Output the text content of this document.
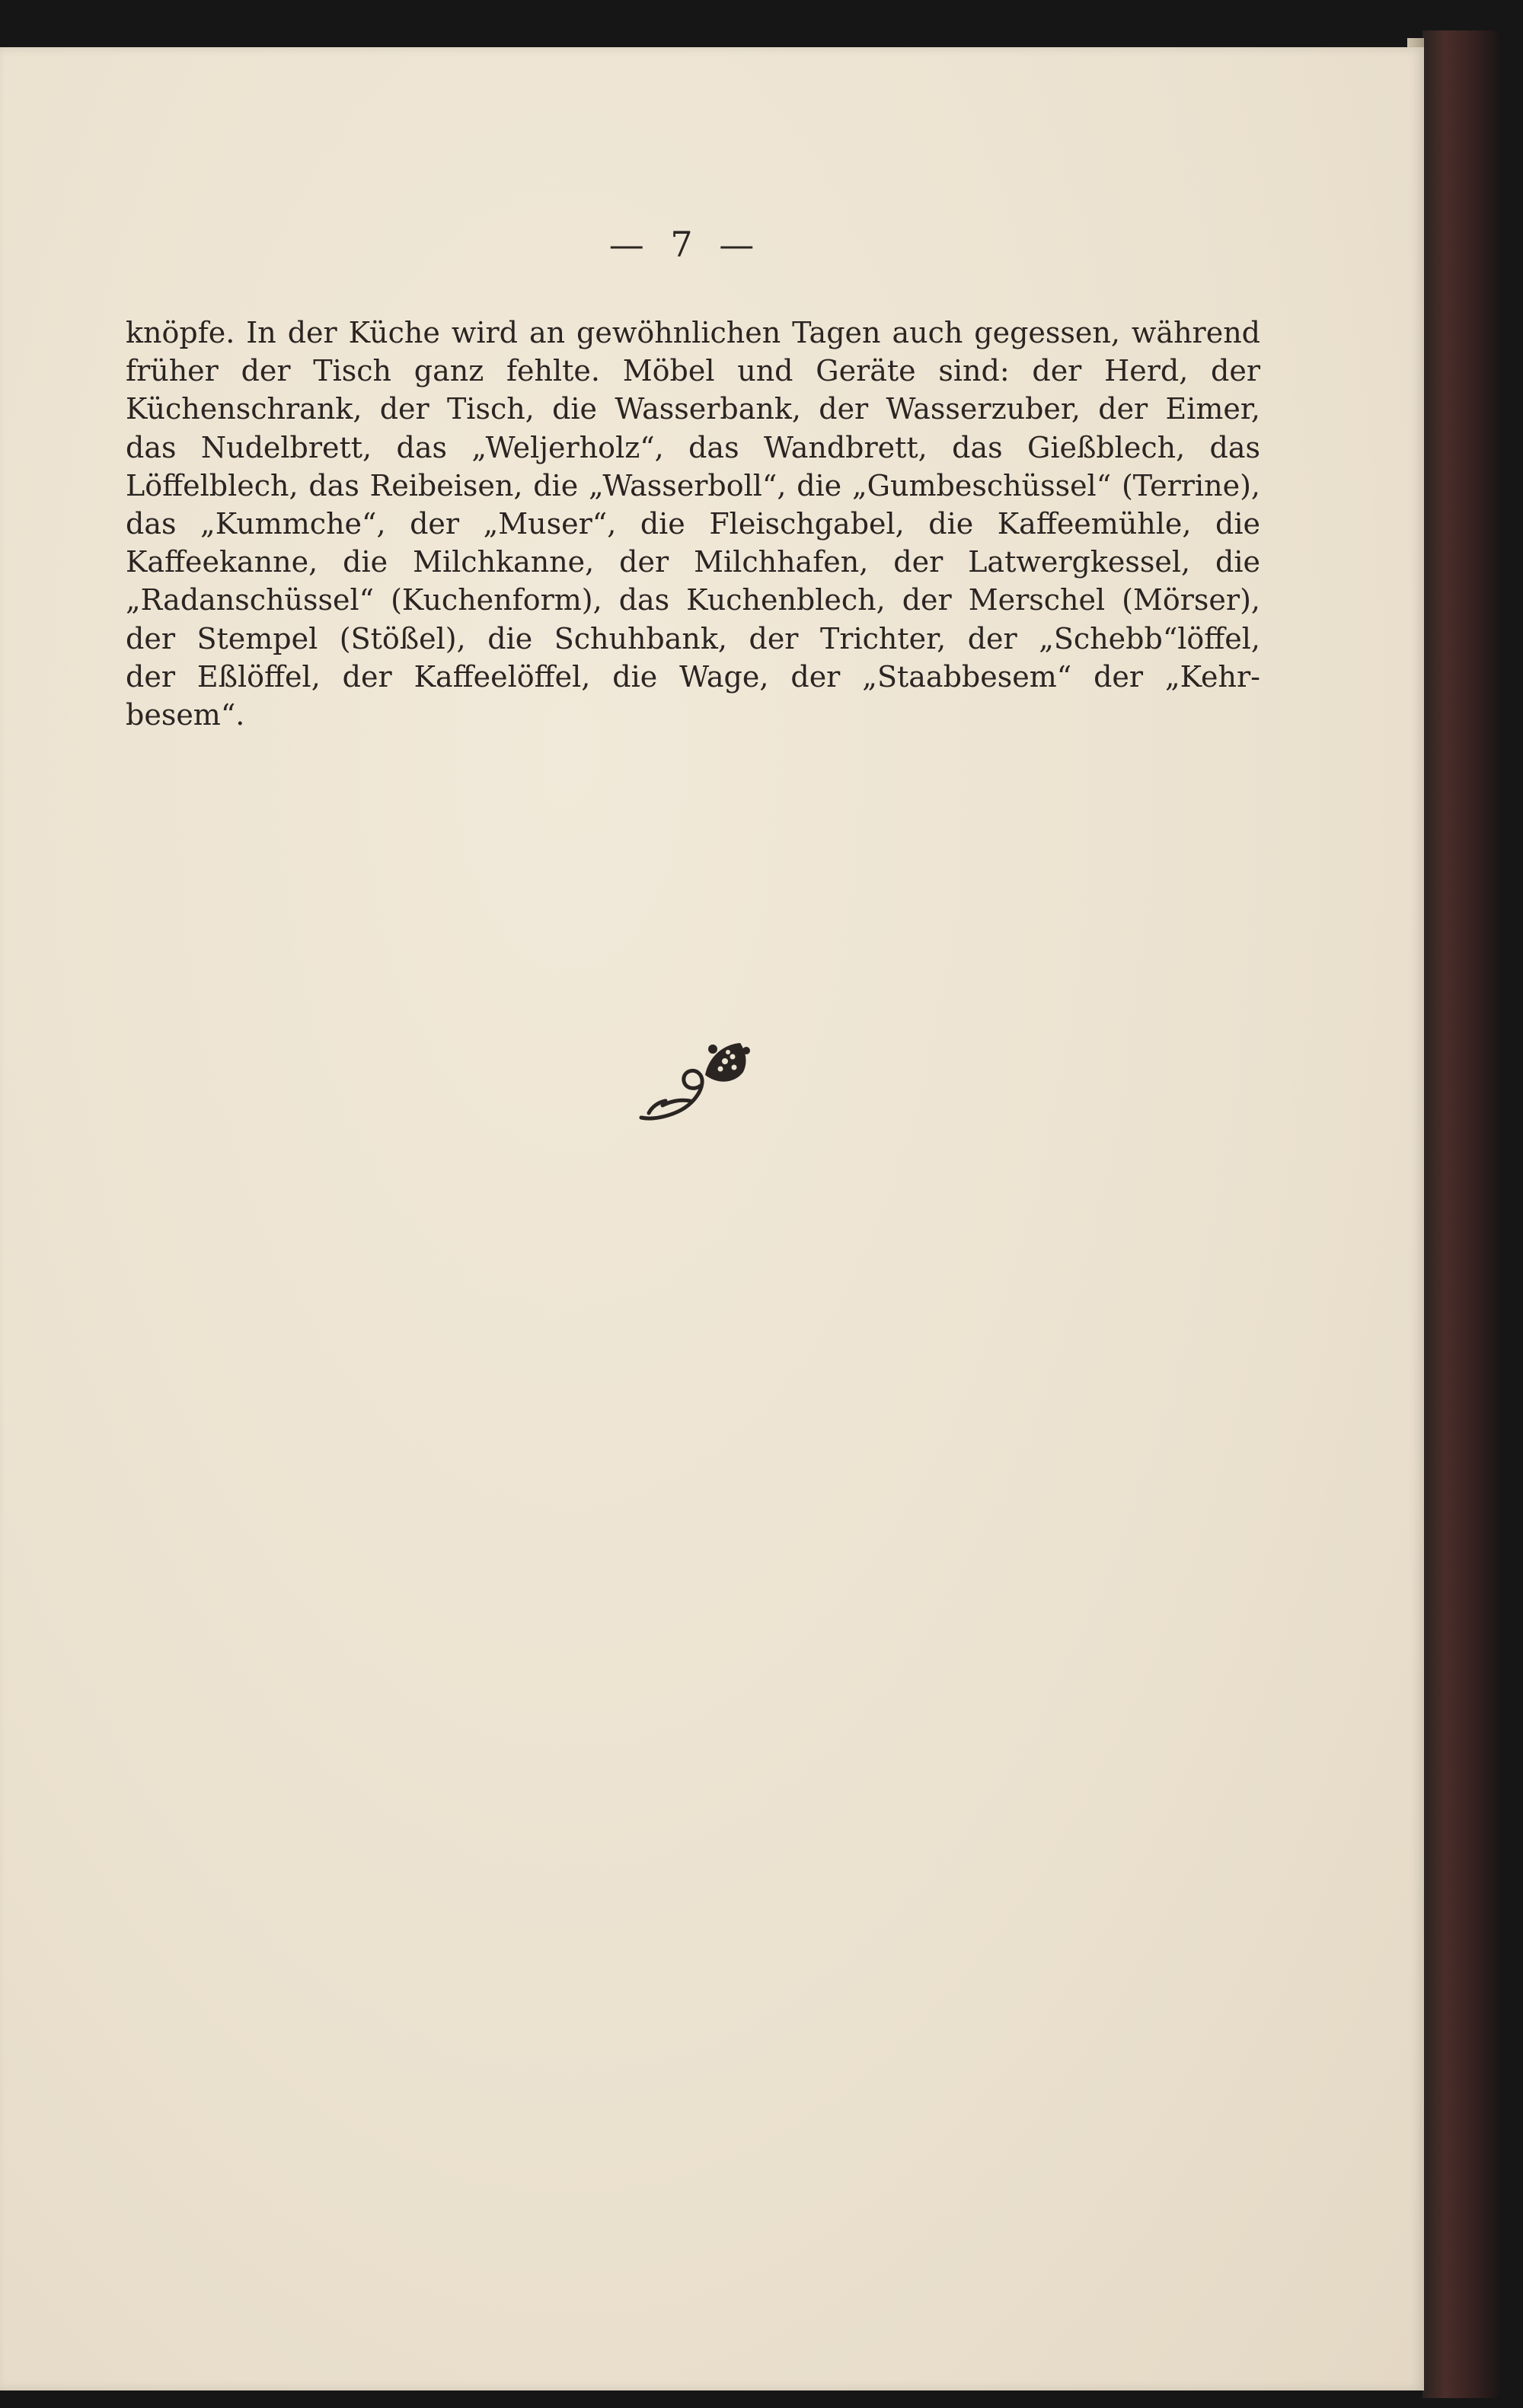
— 7 —
knöpfe. In der Küche wird an gewöhnlichen Tagen auch gegessen, während
früher der Tisch ganz fehlte. Möbel und Geräte sind: der Herd, der
Küchenschrank, der Tisch, die Wasserbank, der Wasserzuber, der Eimer,
das Nudelbrett, das „Weljerholz“, das Wandbrett, das Gießblech, das
Löffelblech, das Reibeisen, die „Wasserboll“, die „Gumbeschüssel“ (Terrine),
das „Kummche“, der „Muser“, die Fleischgabel, die Kaffeemühle, die
Kaffeekanne, die Milchkanne, der Milchhafen, der Latwergkessel, die
„Radanschüssel“ (Kuchenform), das Kuchenblech, der Merschel (Mörser),
der Stempel (Stößel), die Schuhbank, der Trichter, der „Schebb“löffel,
der Eßlöffel, der Kaffeelöffel, die Wage, der „Staabbesem“ der „Kehr-
besem“.
